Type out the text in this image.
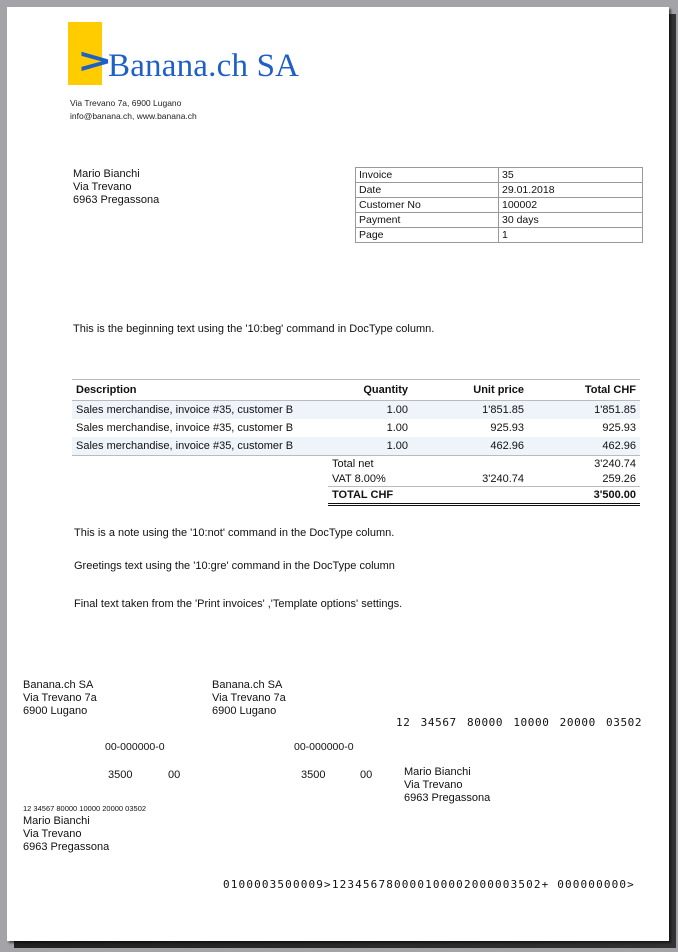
>
Banana.ch SA
Via Trevano 7a, 6900 Lugano
info@banana.ch, www.banana.ch
Mario Bianchi
Via Trevano
6963 Pregassona
Invoice	35
Date	29.01.2018
Customer No	100002
Payment	30 days
Page	1
This is the beginning text using the '10:beg' command in DocType column.
Description	Quantity	Unit price	Total CHF
Sales merchandise, invoice #35, customer B	1.00	1'851.85	1'851.85
Sales merchandise, invoice #35, customer B	1.00	925.93	925.93
Sales merchandise, invoice #35, customer B	1.00	462.96	462.96
	Total net		3'240.74
	VAT 8.00%	3'240.74	259.26
	TOTAL CHF		3'500.00
This is a note using the '10:not' command in the DocType column.
Greetings text using the '10:gre' command in the DocType column
Final text taken from the 'Print invoices' ,'Template options' settings.
Banana.ch SA
Via Trevano 7a
6900 Lugano
Banana.ch SA
Via Trevano 7a
6900 Lugano
12 34567 80000 10000 20000 03502
00-000000-0	00-000000-0
3500	00	3500	00	Mario Bianchi
Via Trevano
6963 Pregassona
12 34567 80000 10000 20000 03502
Mario Bianchi
Via Trevano
6963 Pregassona
0100003500009>123456780000100002000003502+ 000000000>
